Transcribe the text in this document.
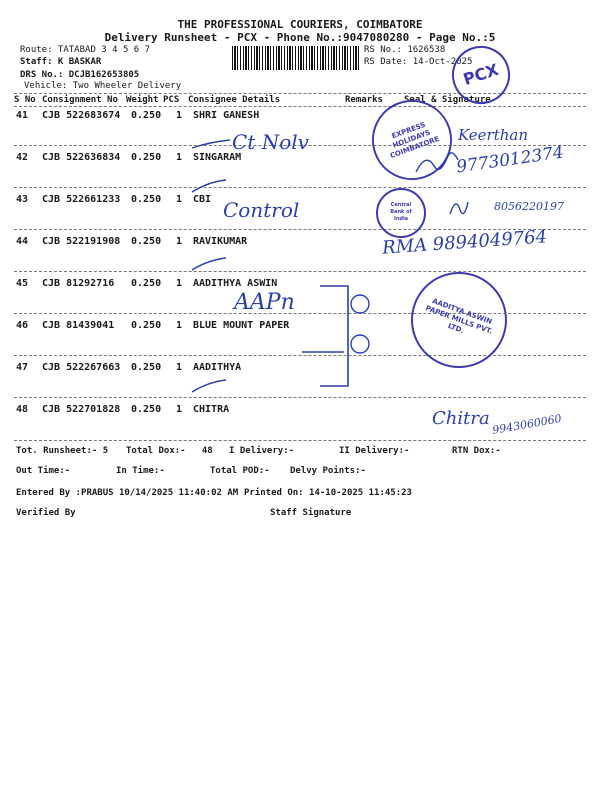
THE PROFESSIONAL COURIERS, COIMBATORE
Delivery Runsheet - PCX - Phone No.:9047080280 - Page No.:5
Route: TATABAD 3 4 5 6 7
Staff: K BASKAR
DRS No.: DCJB162653805
Vehicle: Two Wheeler Delivery
RS No.: 1626538
RS Date: 14-Oct-2025
S No Consignment No Weight PCS Consignee Details	Remarks Seal & Signature
41 CJB 522683674 0.250 1 SHRI GANESH
42 CJB 522636834 0.250 1 SINGARAM
43 CJB 522661233 0.250 1 CBI
44 CJB 522191908 0.250 1 RAVIKUMAR
45 CJB 81292716 0.250 1 AADITHYA ASWIN
46 CJB 81439041 0.250 1 BLUE MOUNT PAPER
47 CJB 522267663 0.250 1 AADITHYA
48 CJB 522701828 0.250 1 CHITRA
Tot. Runsheet:- 5 Total Dox:-   48 I Delivery:-	II Delivery:-	RTN Dox:-
Out Time:-	In Time:-	Total POD:- Delvy Points:-
Entered By :PRABUS 10/14/2025 11:40:02 AM Printed On: 14-10-2025 11:45:23
Verified By	Staff Signature
PCX
EXPRESS HOLIDAYS COIMBATORE
Central Bank of India
AADITYA ASWIN PAPER MILLS PVT. LTD.
Ct Nolv	Keerthan
9773012374
Control	8056220197
RMA 9894049764
AAPn
Chitra 9943060060
